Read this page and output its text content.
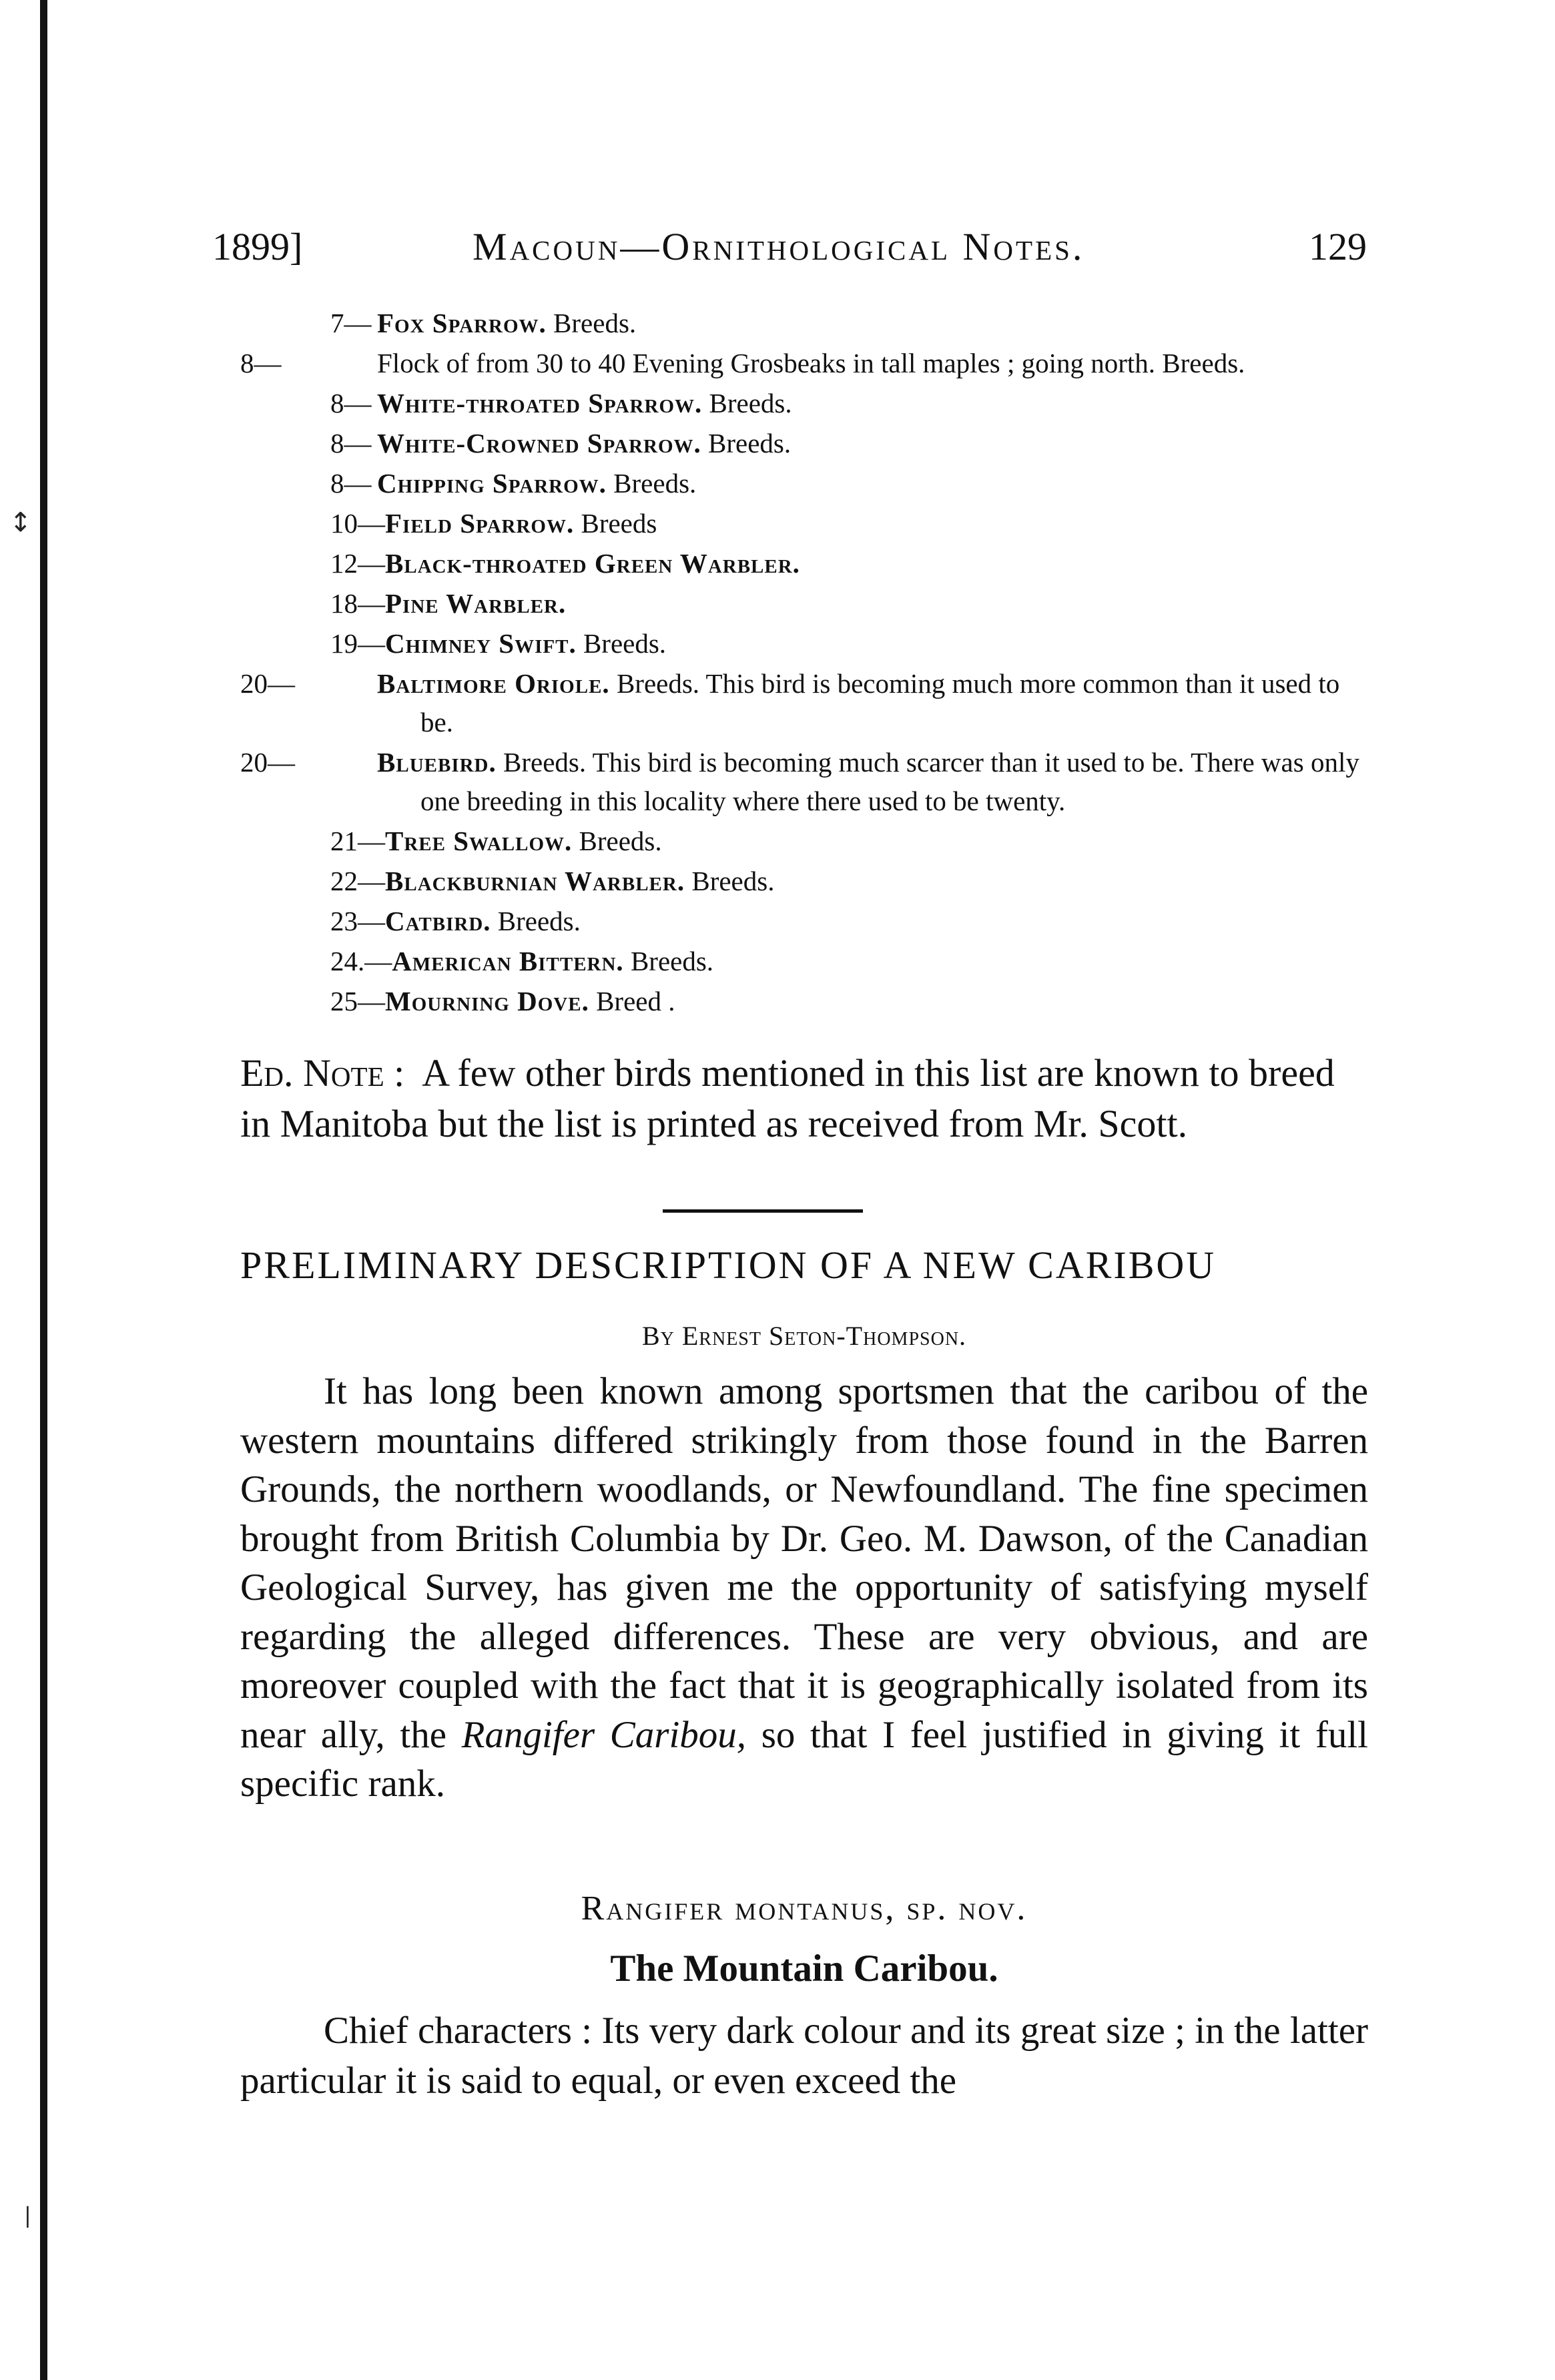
↕
|
1899]	Macoun—Ornithological Notes.	129
7— Fox Sparrow. Breeds.
8—	Flock of from 30 to 40 Evening Grosbeaks in tall maples ; going north. Breeds.
8— White-throated Sparrow. Breeds.
8— White-Crowned Sparrow. Breeds.
8— Chipping Sparrow. Breeds.
10—Field Sparrow. Breeds
12—Black-throated Green Warbler.
18—Pine Warbler.
19—Chimney Swift. Breeds.
20—	Baltimore Oriole. Breeds. This bird is becoming much more common than it used to be.
20—	Bluebird. Breeds. This bird is becoming much scarcer than it used to be. There was only one breeding in this locality where there used to be twenty.
21—Tree Swallow. Breeds.
22—Blackburnian Warbler. Breeds.
23—Catbird. Breeds.
24.—American Bittern. Breeds.
25—Mourning Dove. Breed .
Ed. Note : A few other birds mentioned in this list are known to breed in Manitoba but the list is printed as received from Mr. Scott.
PRELIMINARY DESCRIPTION OF A NEW CARIBOU
By Ernest Seton-Thompson.
It has long been known among sportsmen that the caribou of the western mountains differed strikingly from those found in the Barren Grounds, the northern woodlands, or Newfoundland. The fine specimen brought from British Columbia by Dr. Geo. M. Dawson, of the Canadian Geological Survey, has given me the opportunity of satisfying myself regarding the alleged differences. These are very obvious, and are moreover coupled with the fact that it is geographically isolated from its near ally, the Rangifer Caribou, so that I feel justified in giving it full specific rank.
Rangifer montanus, sp. nov.
The Mountain Caribou.
Chief characters : Its very dark colour and its great size ; in the latter particular it is said to equal, or even exceed the
